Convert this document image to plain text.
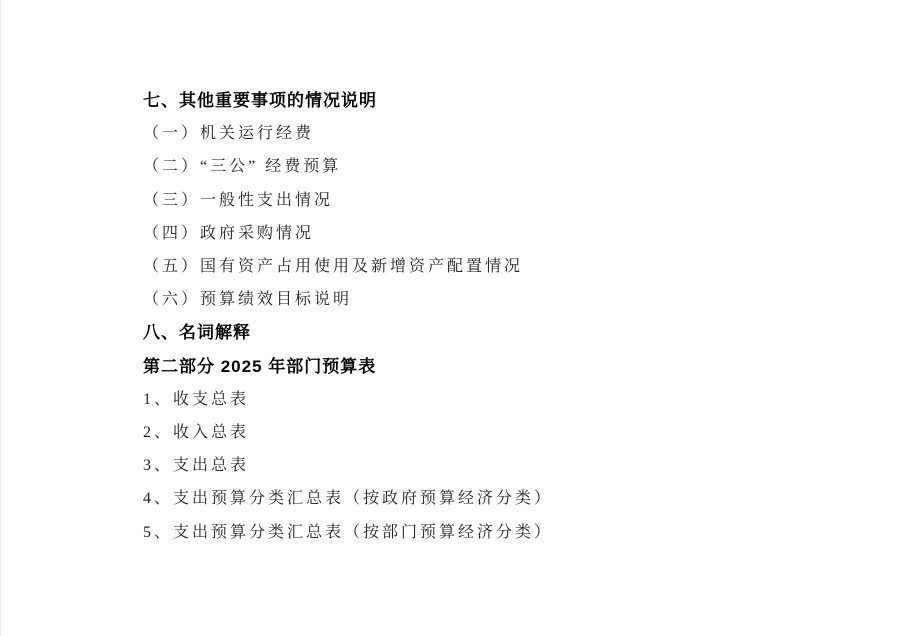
七、其他重要事项的情况说明
（一）机关运行经费
（二）“三公” 经费预算
（三）一般性支出情况
（四）政府采购情况
（五）国有资产占用使用及新增资产配置情况
（六）预算绩效目标说明
八、名词解释
第二部分 2025 年部门预算表
1、收支总表
2、收入总表
3、支出总表
4、支出预算分类汇总表（按政府预算经济分类）
5、支出预算分类汇总表（按部门预算经济分类）
